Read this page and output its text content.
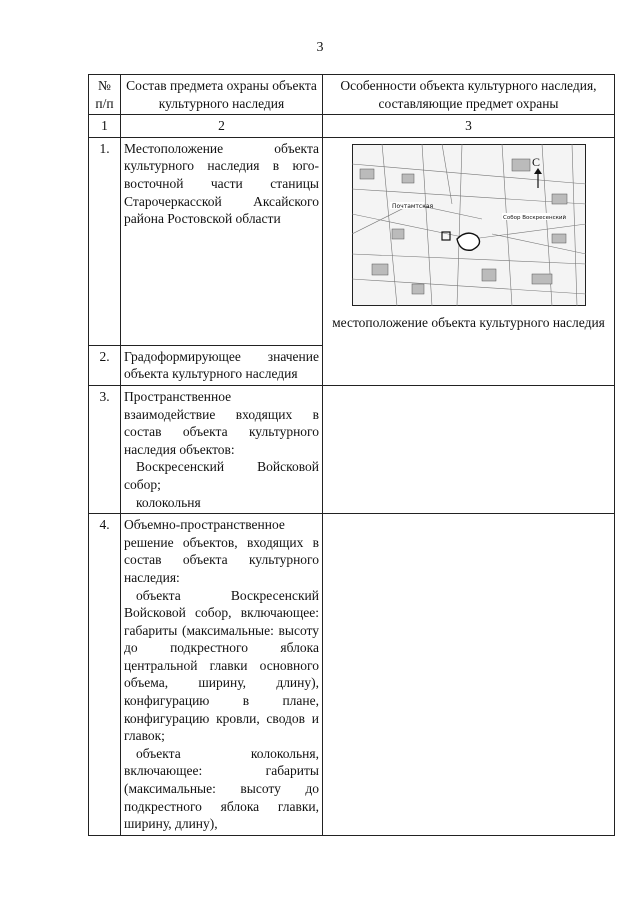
3
№ п/п	Состав предмета охраны объекта культурного наследия	Особенности объекта культурного наследия, составляющие предмет охраны
1	2	3
1.	Местоположение объекта культурного наследия в юго-восточной части станицы Старочеркасской Аксайского района Ростовской области	Почтамтская
Собор Воскресенский
С
местоположение объекта культурного наследия

2.	Градоформирующее значение объекта культурного наследия	
3.	Пространственное взаимодействие входящих в состав объекта культурного наследия объектов:
Воскресенский Войсковой собор;
колокольня	

4.	Объемно-пространственное решение объектов, входящих в состав объекта культурного наследия:
объекта Воскресенский Войсковой собор, включающее: габариты (максимальные: высоту до подкрестного яблока центральной главки основного объема, ширину, длину), конфигурацию в плане, конфигурацию кровли, сводов и главок;
объекта колокольня, включающее: габариты (максимальные: высоту до подкрестного яблока главки, ширину, длину),	
